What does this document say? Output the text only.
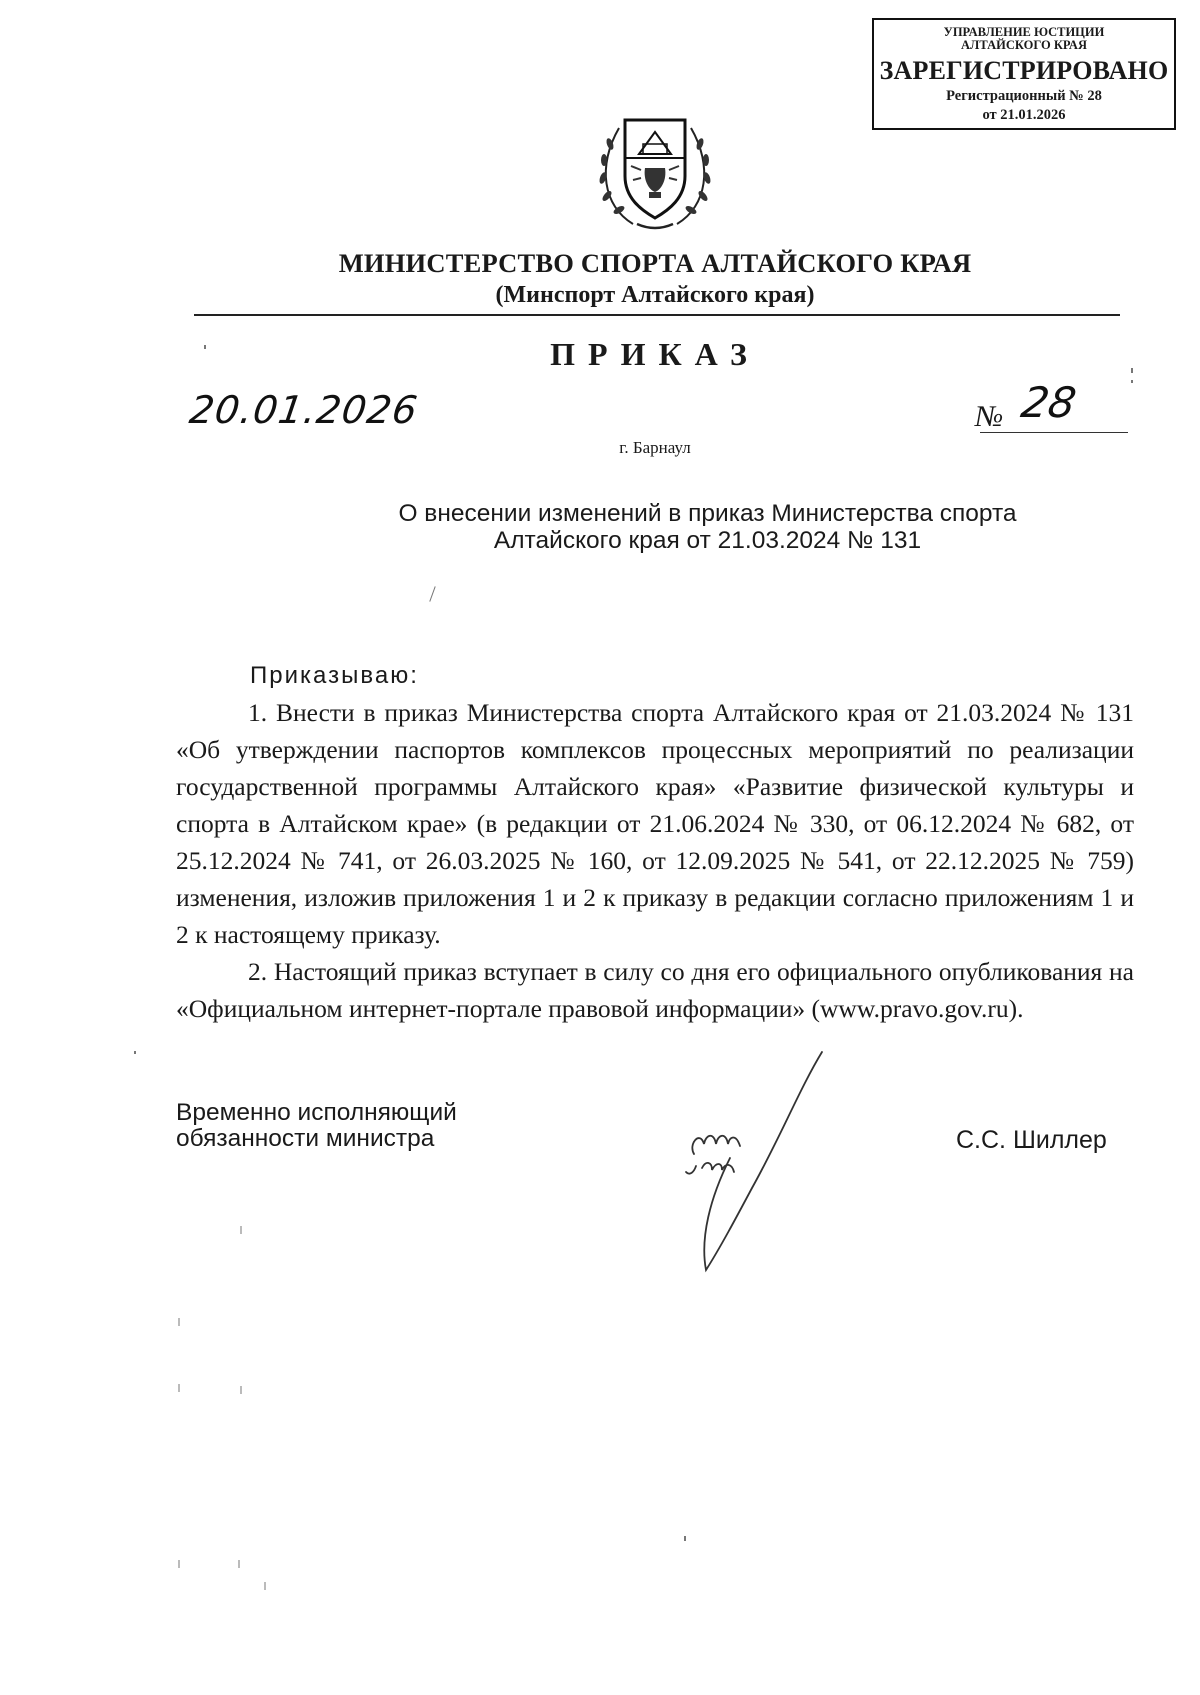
УПРАВЛЕНИЕ ЮСТИЦИИ
АЛТАЙСКОГО КРАЯ
ЗАРЕГИСТРИРОВАНО
Регистрационный № 28
от 21.01.2026
МИНИСТЕРСТВО СПОРТА АЛТАЙСКОГО КРАЯ
(Минспорт Алтайского края)
ПРИКАЗ
20.01.2026	№ 28
г. Барнаул
О внесении изменений в приказ Министерства спорта
Алтайского края от 21.03.2024 № 131
Приказываю:

1. Внести в приказ Министерства спорта Алтайского края от 21.03.2024 № 131 «Об утверждении паспортов комплексов процессных мероприятий по реализации государственной программы Алтайского края» «Развитие физической культуры и спорта в Алтайском крае» (в редакции от 21.06.2024 № 330, от 06.12.2024 № 682, от 25.12.2024 № 741, от 26.03.2025 № 160, от 12.09.2025 № 541, от 22.12.2025 № 759) изменения, изложив приложения 1 и 2 к приказу в редакции согласно приложениям 1 и 2 к настоящему приказу.

2. Настоящий приказ вступает в силу со дня его официального опубликования на «Официальном интернет-портале правовой информации» (www.pravo.gov.ru).

Временно исполняющий
обязанности министра	С.С. Шиллер
